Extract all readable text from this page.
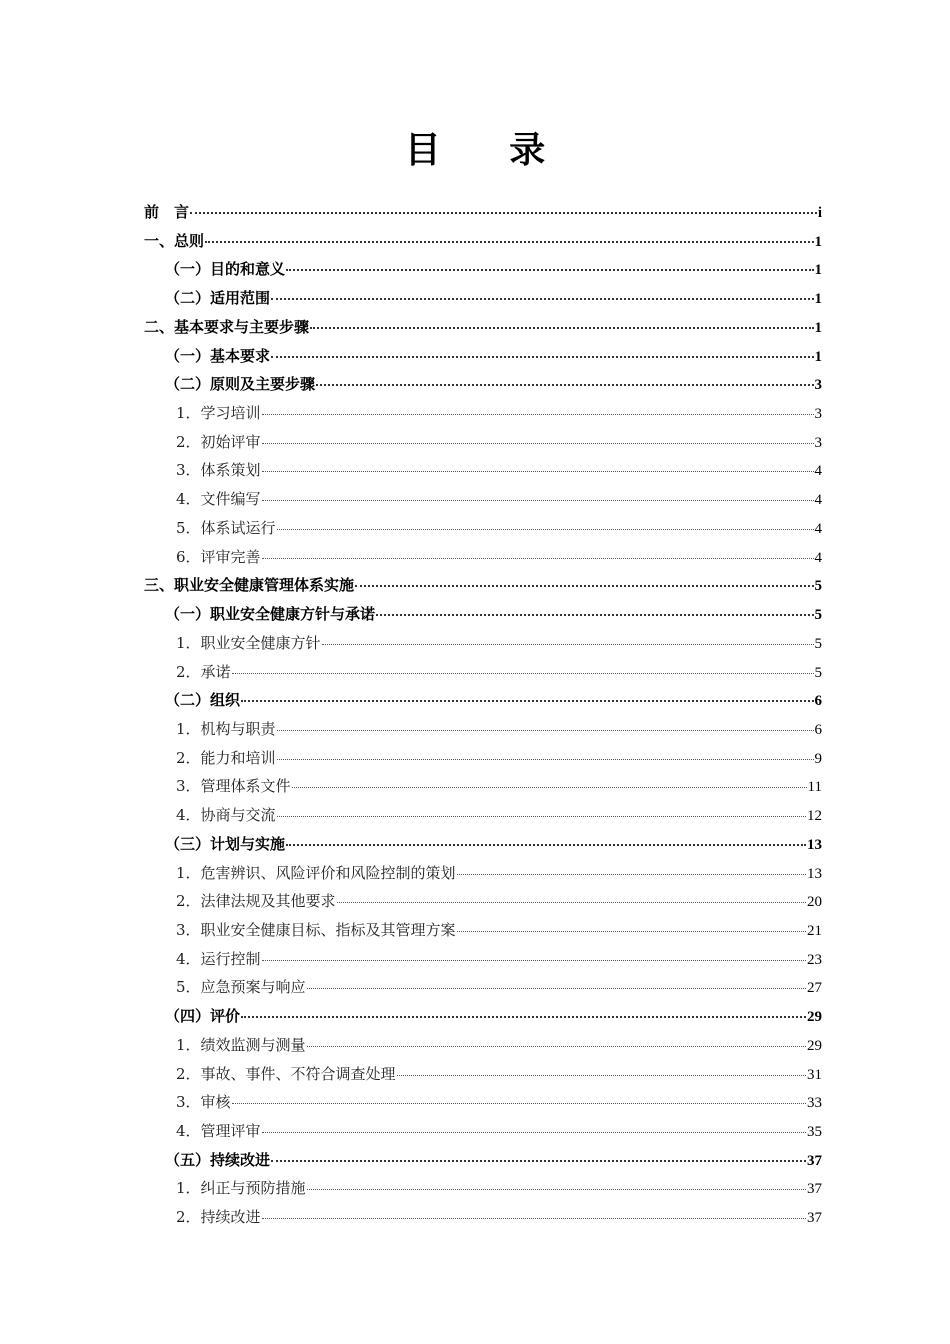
目 录
前　言	i
一、总则	1
（一）目的和意义	1
（二）适用范围	1
二、基本要求与主要步骤	1
（一）基本要求	1
（二）原则及主要步骤	3
1．学习培训	3
2．初始评审	3
3．体系策划	4
4．文件编写	4
5．体系试运行	4
6．评审完善	4
三、职业安全健康管理体系实施	5
（一）职业安全健康方针与承诺	5
1．职业安全健康方针	5
2．承诺	5
（二）组织	6
1．机构与职责	6
2．能力和培训	9
3．管理体系文件	11
4．协商与交流	12
（三）计划与实施	13
1．危害辨识、风险评价和风险控制的策划	13
2．法律法规及其他要求	20
3．职业安全健康目标、指标及其管理方案	21
4．运行控制	23
5．应急预案与响应	27
（四）评价	29
1．绩效监测与测量	29
2．事故、事件、不符合调查处理	31
3．审核	33
4．管理评审	35
（五）持续改进	37
1．纠正与预防措施	37
2．持续改进	37
